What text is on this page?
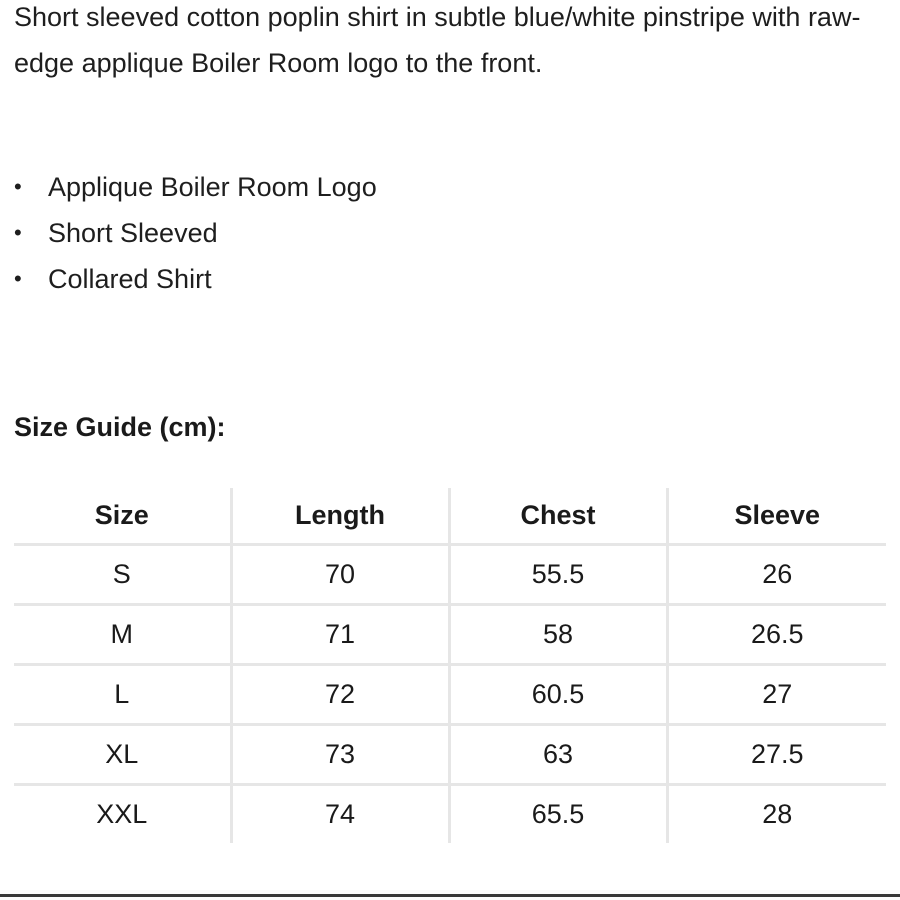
Short sleeved cotton poplin shirt in subtle blue/white pinstripe with raw-edge applique Boiler Room logo to the front.

• Applique Boiler Room Logo
• Short Sleeved
• Collared Shirt
Size Guide (cm):
Size	Length	Chest	Sleeve
S	70	55.5	26
M	71	58	26.5
L	72	60.5	27
XL	73	63	27.5
XXL	74	65.5	28
